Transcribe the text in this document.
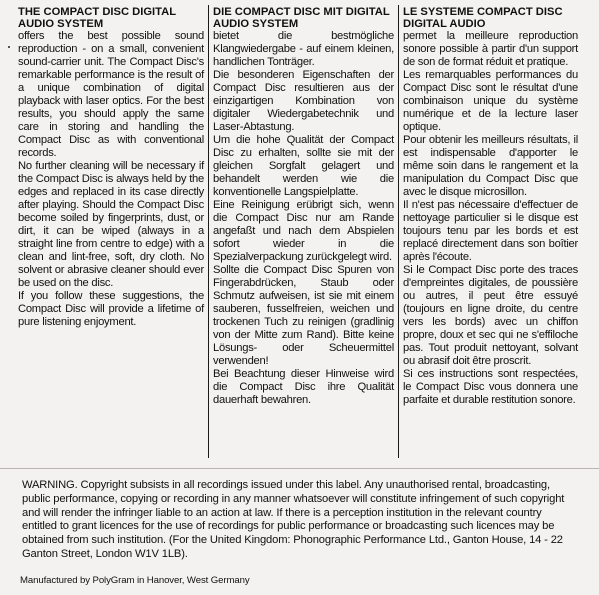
THE COMPACT DISC DIGITAL AUDIO SYSTEM

offers the best possible sound reproduction - on a small, convenient sound-carrier unit. The Compact Disc's remarkable performance is the result of a unique combination of digital playback with laser optics. For the best results, you should apply the same care in storing and handling the Compact Disc as with conventional records.

No further cleaning will be necessary if the Compact Disc is always held by the edges and replaced in its case directly after playing. Should the Compact Disc become soiled by fingerprints, dust, or dirt, it can be wiped (always in a straight line from centre to edge) with a clean and lint-free, soft, dry cloth. No solvent or abrasive cleaner should ever be used on the disc.

If you follow these suggestions, the Compact Disc will provide a lifetime of pure listening enjoyment.

DIE COMPACT DISC MIT DIGITAL AUDIO SYSTEM

bietet die bestmögliche Klangwiedergabe - auf einem kleinen, handlichen Tonträger.

Die besonderen Eigenschaften der Compact Disc resultieren aus der einzigartigen Kombination von digitaler Wiedergabetechnik und Laser-Abtastung.

Um die hohe Qualität der Compact Disc zu erhalten, sollte sie mit der gleichen Sorgfalt gelagert und behandelt werden wie die konventionelle Langspielplatte.

Eine Reinigung erübrigt sich, wenn die Compact Disc nur am Rande angefaßt und nach dem Abspielen sofort wieder in die Spezialverpackung zurückgelegt wird.

Sollte die Compact Disc Spuren von Fingerabdrücken, Staub oder Schmutz aufweisen, ist sie mit einem sauberen, fusselfreien, weichen und trockenen Tuch zu reinigen (gradlinig von der Mitte zum Rand). Bitte keine Lösungs- oder Scheuermittel verwenden!

Bei Beachtung dieser Hinweise wird die Compact Disc ihre Qualität dauerhaft bewahren.

LE SYSTEME COMPACT DISC DIGITAL AUDIO

permet la meilleure reproduction sonore possible à partir d'un support de son de format réduit et pratique.

Les remarquables performances du Compact Disc sont le résultat d'une combinaison unique du système numérique et de la lecture laser optique.

Pour obtenir les meilleurs résultats, il est indispensable d'apporter le même soin dans le rangement et la manipulation du Compact Disc que avec le disque microsillon.

Il n'est pas nécessaire d'effectuer de nettoyage particulier si le disque est toujours tenu par les bords et est replacé directement dans son boîtier après l'écoute.

Si le Compact Disc porte des traces d'empreintes digitales, de poussière ou autres, il peut être essuyé (toujours en ligne droite, du centre vers les bords) avec un chiffon propre, doux et sec qui ne s'effiloche pas. Tout produit nettoyant, solvant ou abrasif doit être proscrit.

Si ces instructions sont respectées, le Compact Disc vous donnera une parfaite et durable restitution sonore.

WARNING. Copyright subsists in all recordings issued under this label. Any unauthorised rental, broadcasting, public performance, copying or recording in any manner whatsoever will constitute infringement of such copyright and will render the infringer liable to an action at law. If there is a perception institution in the relevant country entitled to grant licences for the use of recordings for public performance or broadcasting such licences may be obtained from such institution. (For the United Kingdom: Phonographic Performance Ltd., Ganton House, 14 - 22 Ganton Street, London W1V 1LB).

Manufactured by PolyGram in Hanover, West Germany
